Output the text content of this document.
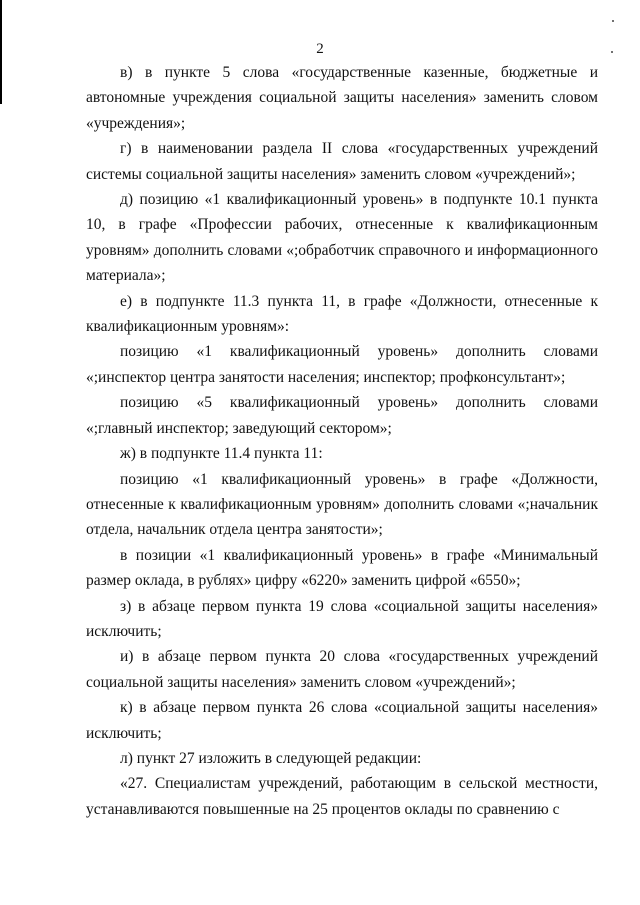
2

в) в пункте 5 слова «государственные казенные, бюджетные и автономные учреждения социальной защиты населения» заменить словом «учреждения»;

г) в наименовании раздела II слова «государственных учреждений системы социальной защиты населения» заменить словом «учреждений»;

д) позицию «1 квалификационный уровень» в подпункте 10.1 пункта 10, в графе «Профессии рабочих, отнесенные к квалификационным уровням» дополнить словами «;обработчик справочного и информационного материала»;

е) в подпункте 11.3 пункта 11, в графе «Должности, отнесенные к квалификационным уровням»:

позицию «1 квалификационный уровень» дополнить словами «;инспектор центра занятости населения; инспектор; профконсультант»;

позицию «5 квалификационный уровень» дополнить словами «;главный инспектор; заведующий сектором»;

ж) в подпункте 11.4 пункта 11:

позицию «1 квалификационный уровень» в графе «Должности, отнесенные к квалификационным уровням» дополнить словами «;начальник отдела, начальник отдела центра занятости»;

в позиции «1 квалификационный уровень» в графе «Минимальный размер оклада, в рублях» цифру «6220» заменить цифрой «6550»;

з) в абзаце первом пункта 19 слова «социальной защиты населения» исключить;

и) в абзаце первом пункта 20 слова «государственных учреждений социальной защиты населения» заменить словом «учреждений»;

к) в абзаце первом пункта 26 слова «социальной защиты населения» исключить;

л) пункт 27 изложить в следующей редакции:

«27. Специалистам учреждений, работающим в сельской местности, устанавливаются повышенные на 25 процентов оклады по сравнению с
